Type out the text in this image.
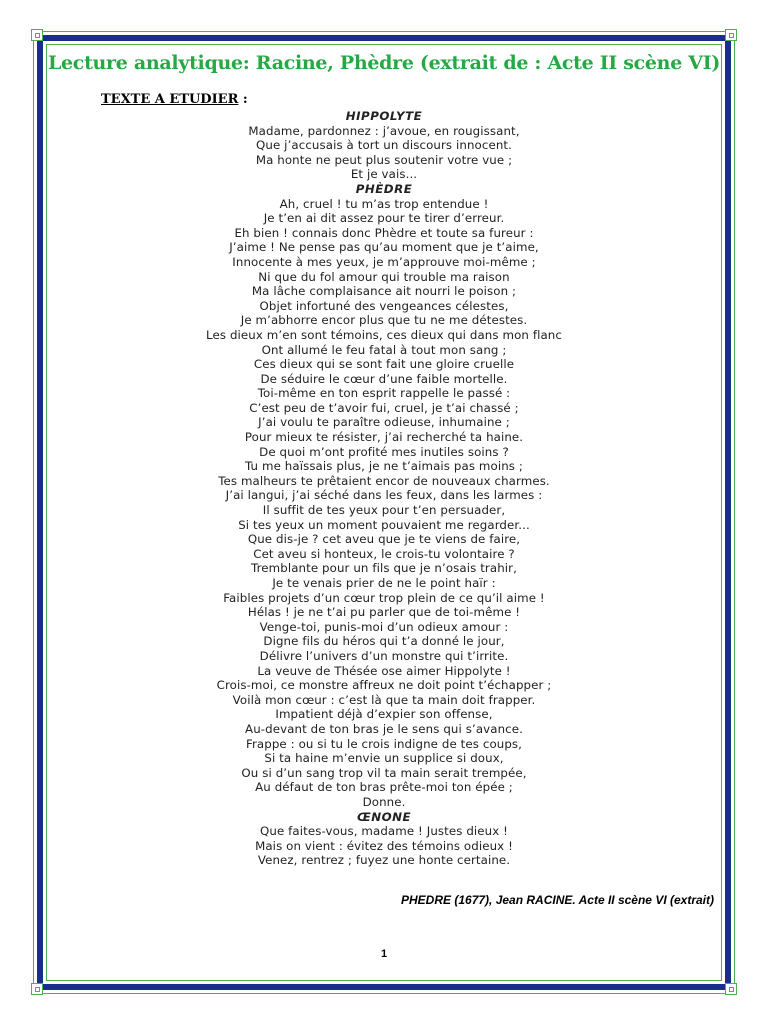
Lecture analytique: Racine, Phèdre (extrait de : Acte II scène VI)
TEXTE A ETUDIER :
HIPPOLYTE
Madame, pardonnez : j’avoue, en rougissant,
Que j’accusais à tort un discours innocent.
Ma honte ne peut plus soutenir votre vue ;
Et je vais...
PHÈDRE
Ah, cruel ! tu m’as trop entendue !
Je t’en ai dit assez pour te tirer d’erreur.
Eh bien ! connais donc Phèdre et toute sa fureur :
J’aime ! Ne pense pas qu’au moment que je t’aime,
Innocente à mes yeux, je m’approuve moi-même ;
Ni que du fol amour qui trouble ma raison
Ma lâche complaisance ait nourri le poison ;
Objet infortuné des vengeances célestes,
Je m’abhorre encor plus que tu ne me détestes.
Les dieux m’en sont témoins, ces dieux qui dans mon flanc
Ont allumé le feu fatal à tout mon sang ;
Ces dieux qui se sont fait une gloire cruelle
De séduire le cœur d’une faible mortelle.
Toi-même en ton esprit rappelle le passé :
C’est peu de t’avoir fui, cruel, je t’ai chassé ;
J’ai voulu te paraître odieuse, inhumaine ;
Pour mieux te résister, j’ai recherché ta haine.
De quoi m’ont profité mes inutiles soins ?
Tu me haïssais plus, je ne t’aimais pas moins ;
Tes malheurs te prêtaient encor de nouveaux charmes.
J’ai langui, j’ai séché dans les feux, dans les larmes :
Il suffit de tes yeux pour t’en persuader,
Si tes yeux un moment pouvaient me regarder...
Que dis-je ? cet aveu que je te viens de faire,
Cet aveu si honteux, le crois-tu volontaire ?
Tremblante pour un fils que je n’osais trahir,
Je te venais prier de ne le point haïr :
Faibles projets d’un cœur trop plein de ce qu’il aime !
Hélas ! je ne t’ai pu parler que de toi-même !
Venge-toi, punis-moi d’un odieux amour :
Digne fils du héros qui t’a donné le jour,
Délivre l’univers d’un monstre qui t’irrite.
La veuve de Thésée ose aimer Hippolyte !
Crois-moi, ce monstre affreux ne doit point t’échapper ;
Voilà mon cœur : c’est là que ta main doit frapper.
Impatient déjà d’expier son offense,
Au-devant de ton bras je le sens qui s’avance.
Frappe : ou si tu le crois indigne de tes coups,
Si ta haine m’envie un supplice si doux,
Ou si d’un sang trop vil ta main serait trempée,
Au défaut de ton bras prête-moi ton épée ;
Donne.
ŒNONE
Que faites-vous, madame ! Justes dieux !
Mais on vient : évitez des témoins odieux !
Venez, rentrez ; fuyez une honte certaine.
PHEDRE (1677), Jean RACINE. Acte II scène VI (extrait)
1
